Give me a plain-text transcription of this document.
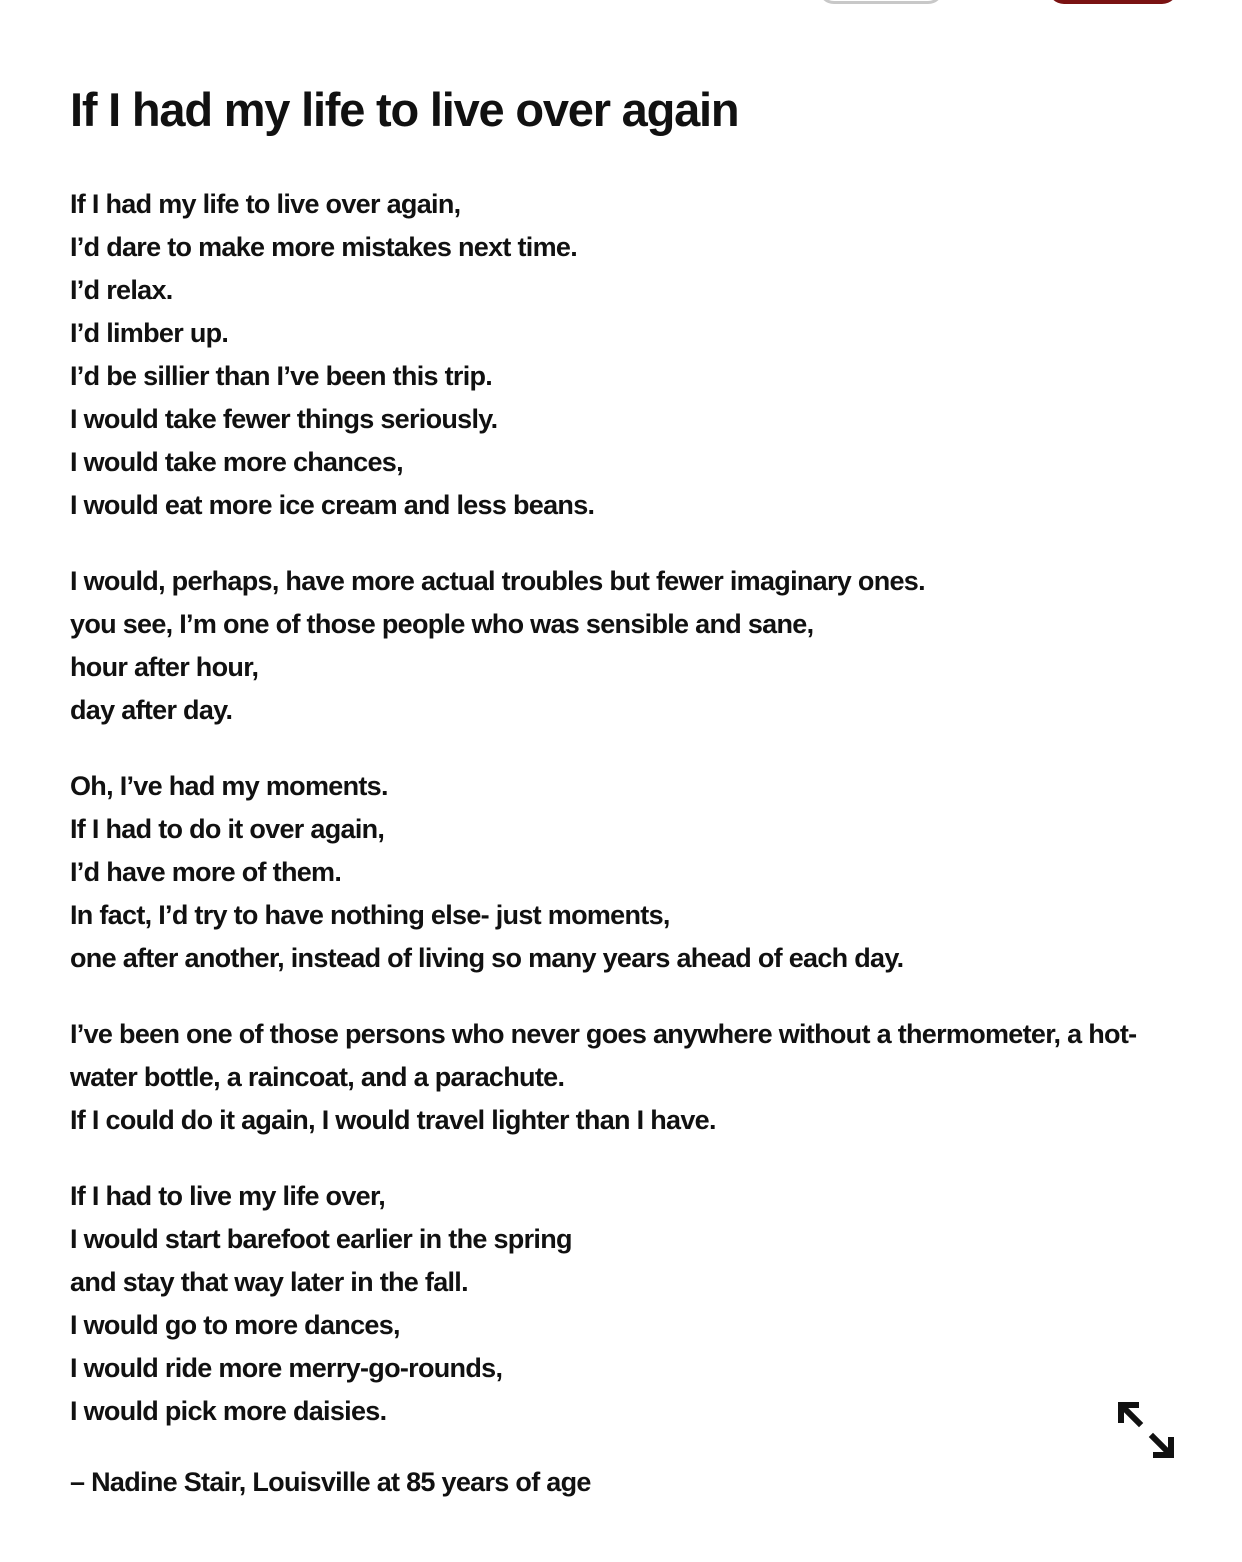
If I had my life to live over again
If I had my life to live over again,
I’d dare to make more mistakes next time.
I’d relax.
I’d limber up.
I’d be sillier than I’ve been this trip.
I would take fewer things seriously.
I would take more chances,
I would eat more ice cream and less beans.
I would, perhaps, have more actual troubles but fewer imaginary ones.
you see, I’m one of those people who was sensible and sane,
hour after hour,
day after day.
Oh, I’ve had my moments.
If I had to do it over again,
I’d have more of them.
In fact, I’d try to have nothing else- just moments,
one after another, instead of living so many years ahead of each day.
I’ve been one of those persons who never goes anywhere without a thermometer, a hot-
water bottle, a raincoat, and a parachute.
If I could do it again, I would travel lighter than I have.
If I had to live my life over,
I would start barefoot earlier in the spring
and stay that way later in the fall.
I would go to more dances,
I would ride more merry-go-rounds,
I would pick more daisies.
– Nadine Stair, Louisville at 85 years of age
